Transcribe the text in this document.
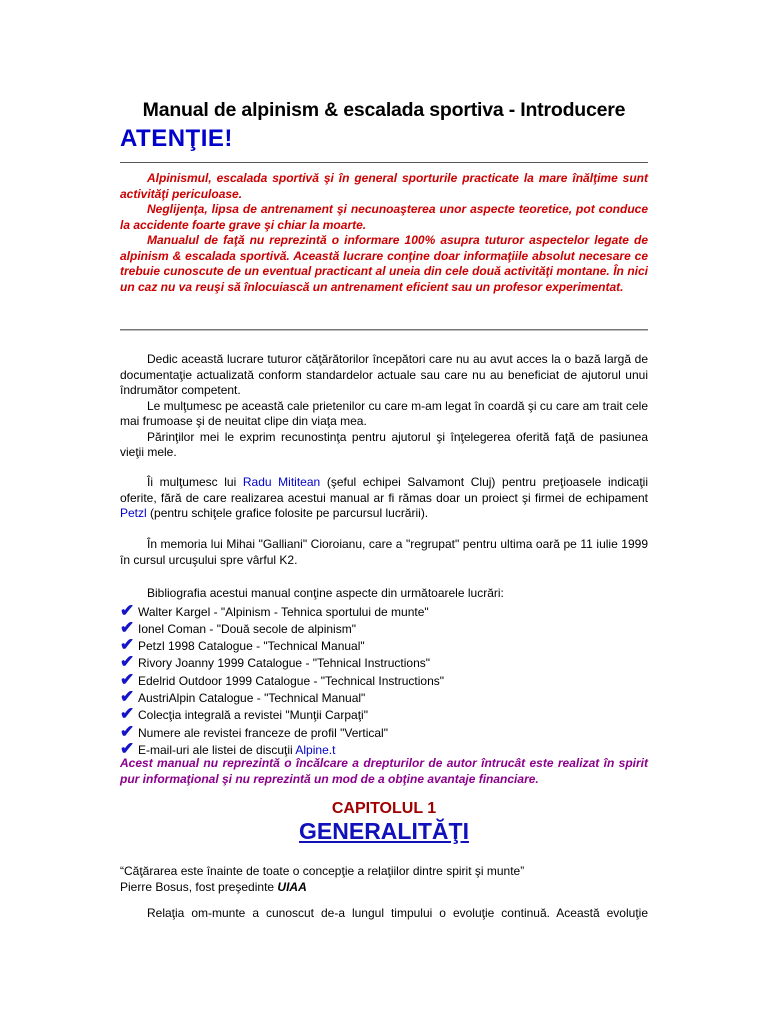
Manual de alpinism & escalada sportiva - Introducere
ATENŢIE!

Alpinismul, escalada sportivă şi în general sporturile practicate la mare înălţime sunt activităţi periculoase.

Neglijenţa, lipsa de antrenament şi necunoaşterea unor aspecte teoretice, pot conduce la accidente foarte grave şi chiar la moarte.

Manualul de faţă nu reprezintă o informare 100% asupra tuturor aspectelor legate de alpinism & escalada sportivă. Această lucrare conţine doar informaţiile absolut necesare ce trebuie cunoscute de un eventual practicant al uneia din cele două activităţi montane. În nici un caz nu va reuşi să înlocuiască un antrenament eficient sau un profesor experimentat.

Dedic această lucrare tuturor căţărătorilor începători care nu au avut acces la o bază largă de documentaţie actualizată conform standardelor actuale sau care nu au beneficiat de ajutorul unui îndrumător competent.

Le mulţumesc pe această cale prietenilor cu care m-am legat în coardă şi cu care am trait cele mai frumoase şi de neuitat clipe din viaţa mea.

Părinţilor mei le exprim recunostinţa pentru ajutorul şi înţelegerea oferită faţă de pasiunea vieţii mele.

Îi mulţumesc lui Radu Mititean (şeful echipei Salvamont Cluj) pentru preţioasele indicaţii oferite, fără de care realizarea acestui manual ar fi rămas doar un proiect şi firmei de echipament Petzl (pentru schiţele grafice folosite pe parcursul lucrării).

În memoria lui Mihai "Galliani" Cioroianu, care a "regrupat" pentru ultima oară pe 11 iulie 1999 în cursul urcuşului spre vârful K2.

Bibliografia acestui manual conţine aspecte din următoarele lucrări:

✔ Walter Kargel - "Alpinism - Tehnica sportului de munte"
✔ Ionel Coman - "Două secole de alpinism"
✔ Petzl 1998 Catalogue - "Technical Manual"
✔ Rivory Joanny 1999 Catalogue - "Tehnical Instructions"
✔ Edelrid Outdoor 1999 Catalogue - "Technical Instructions"
✔ AustriAlpin Catalogue - "Technical Manual"
✔ Colecţia integrală a revistei "Munţii Carpaţi"
✔ Numere ale revistei franceze de profil "Vertical"
✔ E-mail-uri ale listei de discuţii Alpine.t
Acest manual nu reprezintă o încălcare a drepturilor de autor întrucât este realizat în spirit pur informaţional şi nu reprezintă un mod de a obţine avantaje financiare.
CAPITOLUL 1
GENERALITĂŢI

“Căţărarea este înainte de toate o concepţie a relaţiilor dintre spirit şi munte”

Pierre Bosus, fost preşedinte UIAA

Relaţia om-munte a cunoscut de-a lungul timpului o evoluţie continuă. Această evoluţie
